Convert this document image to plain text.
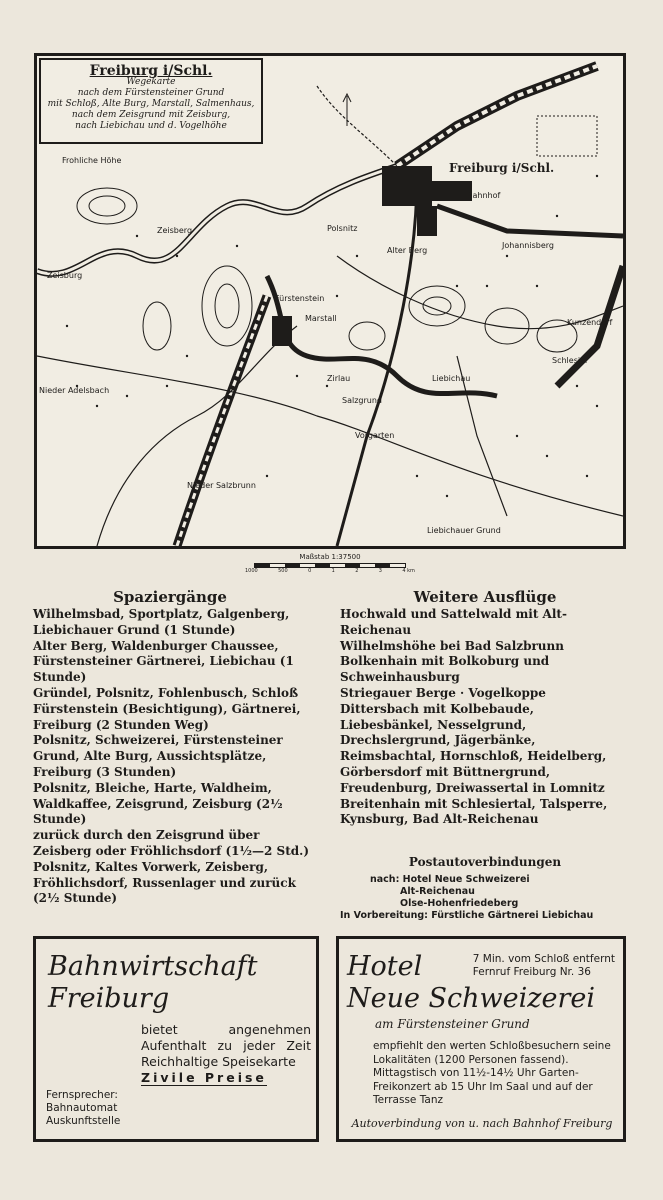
Freiburg i/Schl.
Wegekarte
nach dem Fürstensteiner Grund
mit Schloß, Alte Burg, Marstall, Salmenhaus,
nach dem Zeisgrund mit Zeisburg,
nach Liebichau und d. Vogelhöhe
Freiburg i/Schl.
Bahnhof
Polsnitz
Zeisberg
Zeisburg
Alter Berg
Fürstenstein
Liebichau
Salzgrund
Zirlau
Nieder Adelsbach
Nieder Salzbrunn
Kunzendorf
Johannisberg
Marstall
Vorgarten
Schlesier
Frohliche Höhe
Liebichauer Grund
Maßstab 1:37500
1000	500	0	1	2	3	4 km
Spaziergänge

Wilhelmsbad, Sportplatz, Galgenberg, Liebichauer Grund (1 Stunde)

Alter Berg, Waldenburger Chaussee, Fürstensteiner Gärtnerei, Liebichau (1 Stunde)

Gründel, Polsnitz, Fohlenbusch, Schloß Fürstenstein (Besichtigung), Gärtnerei, Freiburg (2 Stunden Weg)

Polsnitz, Schweizerei, Fürstensteiner Grund, Alte Burg, Aussichtsplätze, Freiburg (3 Stunden)

Polsnitz, Bleiche, Harte, Waldheim, Waldkaffee, Zeisgrund, Zeisburg (2½ Stunde)

zurück durch den Zeisgrund über Zeisberg oder Fröhlichsdorf (1½—2 Std.)

Polsnitz, Kaltes Vorwerk, Zeisberg, Fröhlichsdorf, Russenlager und zurück (2½ Stunde)

Weitere Ausflüge

Hochwald und Sattelwald mit Alt-Reichenau

Wilhelmshöhe bei Bad Salzbrunn

Bolkenhain mit Bolkoburg und Schweinhausburg

Striegauer Berge · Vogelkoppe

Dittersbach mit Kolbebaude, Liebesbänkel, Nesselgrund, Drechslergrund, Jägerbänke, Reimsbachtal, Hornschloß, Heidelberg, Görbersdorf mit Büttnergrund, Freudenburg, Dreiwassertal in Lomnitz

Breitenhain mit Schlesiertal, Talsperre, Kynsburg, Bad Alt-Reichenau

Postautoverbindungen
nach: Hotel Neue Schweizerei
Alt-Reichenau
Olse-Hohenfriedeberg
In Vorbereitung: Fürstliche Gärtnerei Liebichau
Bahnwirtschaft
Freiburg
bietet angenehmen Aufenthalt zu jeder Zeit Reichhaltige Speisekarte
Zivile Preise
Fernsprecher:
Bahnautomat
Auskunftstelle
Hotel
Neue Schweizerei
7 Min. vom Schloß entfernt
Fernruf Freiburg Nr. 36
am Fürstensteiner Grund
empfiehlt den werten Schloßbesuchern seine Lokalitäten (1200 Personen fassend). Mittagstisch von 11½-14½ Uhr Garten-Freikonzert ab 15 Uhr Im Saal und auf der Terrasse Tanz
Autoverbindung von u. nach Bahnhof Freiburg
